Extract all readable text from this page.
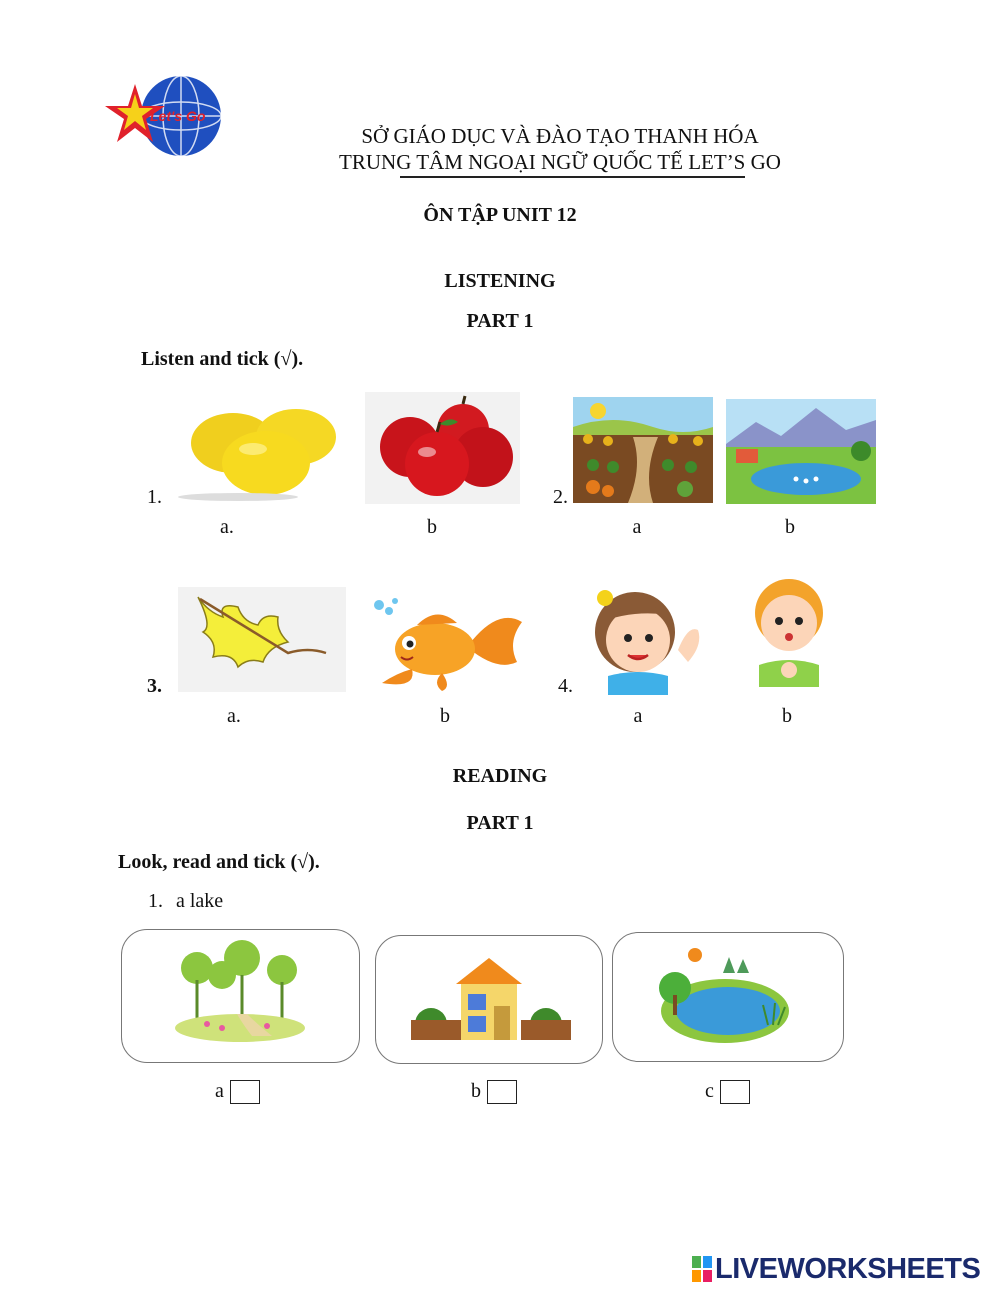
Let's Go
SỞ GIÁO DỤC VÀ ĐÀO TẠO THANH HÓA
TRUNG TÂM NGOẠI NGỮ QUỐC TẾ LET’S GO
ÔN TẬP UNIT 12
LISTENING
PART 1
Listen and tick (√).
1.
a.	b
2.
a	b
3.
a.	b
4.
a	b
READING
PART 1
Look, read and tick (√).
1. a lake
a	b	c
LIVEWORKSHEETS
